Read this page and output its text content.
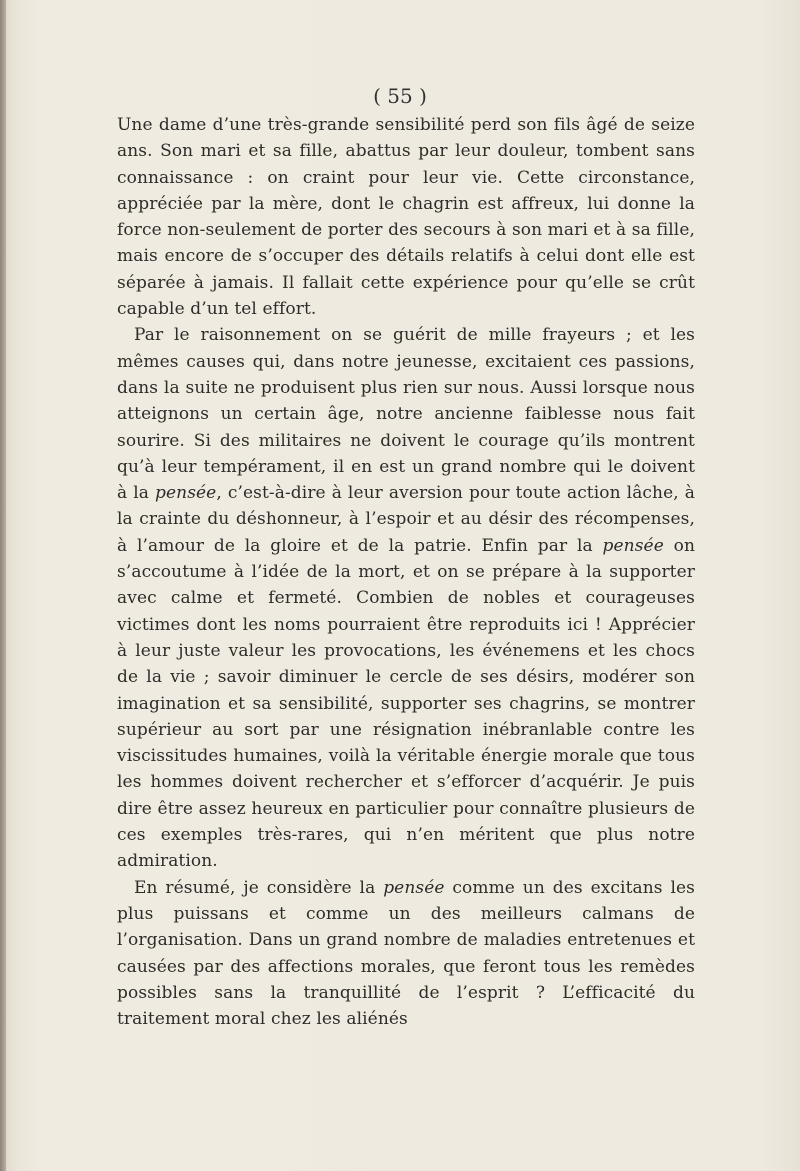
( 55 )

Une dame d’une très-grande sensibilité perd son fils âgé de seize ans. Son mari et sa fille, abattus par leur douleur, tombent sans connaissance : on craint pour leur vie. Cette circonstance, appréciée par la mère, dont le chagrin est affreux, lui donne la force non-seulement de porter des secours à son mari et à sa fille, mais encore de s’occuper des détails relatifs à celui dont elle est séparée à jamais. Il fallait cette expérience pour qu’elle se crût capable d’un tel effort.

Par le raisonnement on se guérit de mille frayeurs ; et les mêmes causes qui, dans notre jeunesse, excitaient ces passions, dans la suite ne produisent plus rien sur nous. Aussi lorsque nous atteignons un certain âge, notre ancienne faiblesse nous fait sourire. Si des militaires ne doivent le courage qu’ils montrent qu’à leur tempérament, il en est un grand nombre qui le doivent à la pensée, c’est-à-dire à leur aversion pour toute action lâche, à la crainte du déshonneur, à l’espoir et au désir des récompenses, à l’amour de la gloire et de la patrie. Enfin par la pensée on s’accoutume à l’idée de la mort, et on se prépare à la supporter avec calme et fermeté. Combien de nobles et courageuses victimes dont les noms pourraient être reproduits ici ! Apprécier à leur juste valeur les provocations, les événemens et les chocs de la vie ; savoir diminuer le cercle de ses désirs, modérer son imagination et sa sensibilité, supporter ses chagrins, se montrer supérieur au sort par une résignation inébranlable contre les viscissitudes humaines, voilà la véritable énergie morale que tous les hommes doivent rechercher et s’efforcer d’acquérir. Je puis dire être assez heureux en particulier pour connaître plusieurs de ces exemples très-rares, qui n’en méritent que plus notre admiration.

En résumé, je considère la pensée comme un des excitans les plus puissans et comme un des meilleurs calmans de l’organisation. Dans un grand nombre de maladies entretenues et causées par des affections morales, que feront tous les remèdes possibles sans la tranquillité de l’esprit ? L’efficacité du traitement moral chez les aliénés
